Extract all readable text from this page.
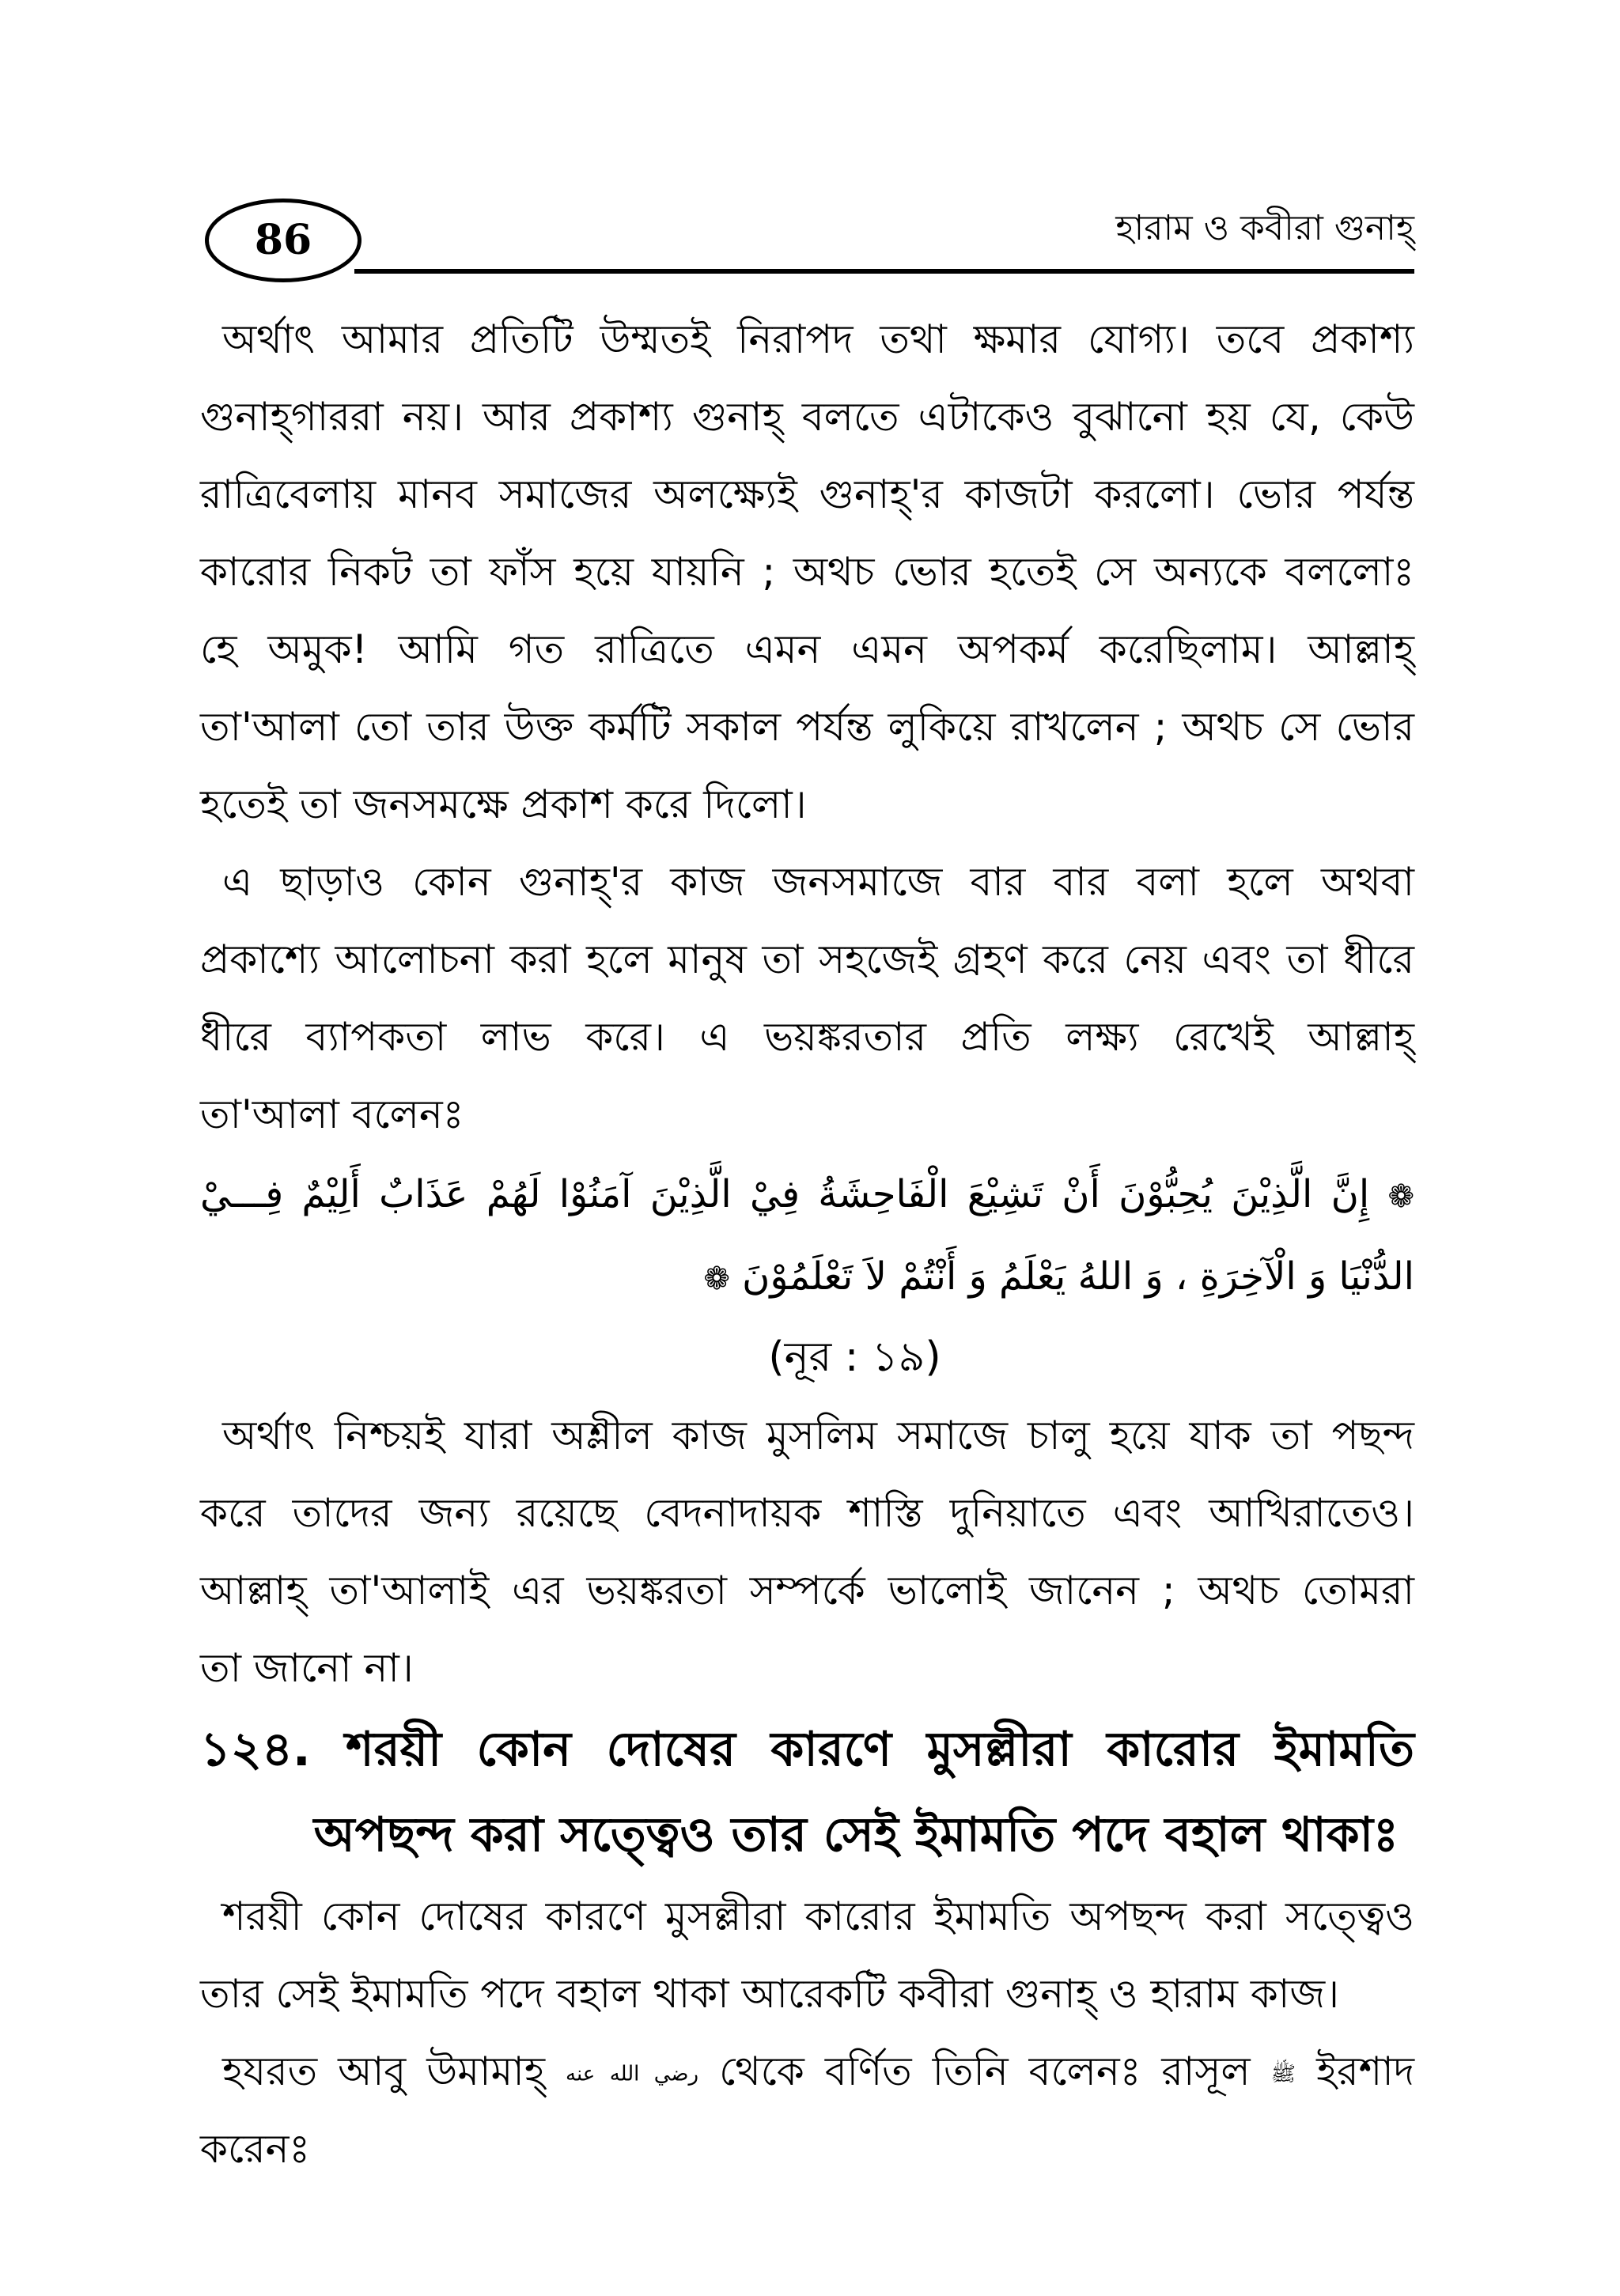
86	হারাম ও কবীরা গুনাহ্

অর্থাৎ আমার প্রতিটি উম্মতই নিরাপদ তথা ক্ষমার যোগ্য। তবে প্রকাশ্য

গুনাহ্গাররা নয়। আর প্রকাশ্য গুনাহ্ বলতে এটাকেও বুঝানো হয় যে, কেউ

রাত্রিবেলায় মানব সমাজের অলক্ষ্যেই গুনাহ্'র কাজটা করলো। ভোর পর্যন্ত

কারোর নিকট তা ফাঁস হয়ে যায়নি ; অথচ ভোর হতেই সে অন্যকে বললোঃ

হে অমুক! আমি গত রাত্রিতে এমন এমন অপকর্ম করেছিলাম। আল্লাহ্

তা'আলা তো তার উক্ত কর্মটি সকাল পর্যন্ত লুকিয়ে রাখলেন ; অথচ সে ভোর

হতেই তা জনসমক্ষে প্রকাশ করে দিলো।

এ ছাড়াও কোন গুনাহ্'র কাজ জনসমাজে বার বার বলা হলে অথবা

প্রকাশ্যে আলোচনা করা হলে মানুষ তা সহজেই গ্রহণ করে নেয় এবং তা ধীরে

ধীরে ব্যাপকতা লাভ করে। এ ভয়ঙ্করতার প্রতি লক্ষ্য রেখেই আল্লাহ্

তা'আলা বলেনঃ

❁ إِنَّ الَّذِيْنَ يُحِبُّوْنَ أَنْ تَشِيْعَ الْفَاحِشَةُ فِيْ الَّذِيْنَ آمَنُوْا لَهُمْ عَذَابٌ أَلِيْمٌ فِـــيْ

الدُّنْيَا وَ الْآخِرَةِ ، وَ اللهُ يَعْلَمُ وَ أَنْتُمْ لاَ تَعْلَمُوْنَ ❁

(নূর : ১৯)

অর্থাৎ নিশ্চয়ই যারা অশ্লীল কাজ মুসলিম সমাজে চালু হয়ে যাক তা পছন্দ

করে তাদের জন্য রয়েছে বেদনাদায়ক শাস্তি দুনিয়াতে এবং আখিরাতেও।

আল্লাহ্ তা'আলাই এর ভয়ঙ্করতা সম্পর্কে ভালোই জানেন ; অথচ তোমরা

তা জানো না।

১২৪. শরয়ী কোন দোষের কারণে মুসল্লীরা কারোর ইমামতি

অপছন্দ করা সত্ত্বেও তার সেই ইমামতি পদে বহাল থাকাঃ

শরয়ী কোন দোষের কারণে মুসল্লীরা কারোর ইমামতি অপছন্দ করা সত্ত্বেও

তার সেই ইমামতি পদে বহাল থাকা আরেকটি কবীরা গুনাহ্ ও হারাম কাজ।

হযরত আবু উমামাহ্ رضي الله عنه থেকে বর্ণিত তিনি বলেনঃ রাসূল ﷺ ইরশাদ

করেনঃ
